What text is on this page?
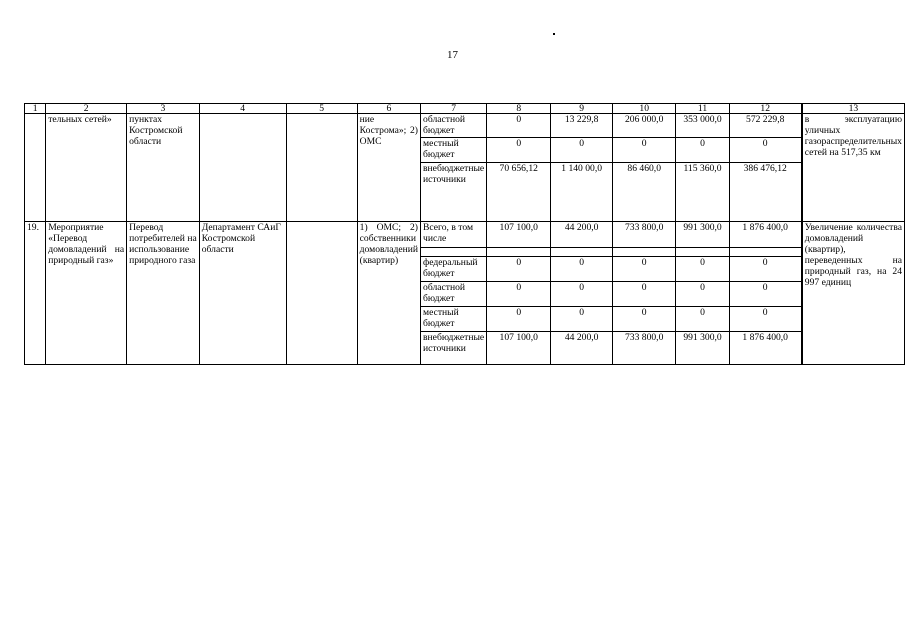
17
1	2	3	4	5	6	7	8	9	10	11	12	13
	тельных сетей»	пунктах Костромской области			ние Кострома»; 2) ОМС	областной бюджет	0	13 229,8	206 000,0	353 000,0	572 229,8	в эксплуатацию уличных газораспределительных сетей на 517,35 км
						местный бюджет	0	0	0	0	0	
						внебюджетные источники	70 656,12	1 140 00,0	86 460,0	115 360,0	386 476,12	
19.	Мероприятие «Перевод домовладений на природный газ»	Перевод потребителей на использование природного газа	Департамент САиГ Костромской области		1) ОМС; 2) собственники домовладений (квартир)	Всего, в том числе	107 100,0	44 200,0	733 800,0	991 300,0	1 876 400,0	Увеличение количества домовладений (квартир), переведенных на природный газ, на 24 997 единиц

						федеральный бюджет	0	0	0	0	0	
						областной бюджет	0	0	0	0	0	
						местный бюджет	0	0	0	0	0	
						внебюджетные источники	107 100,0	44 200,0	733 800,0	991 300,0	1 876 400,0	
